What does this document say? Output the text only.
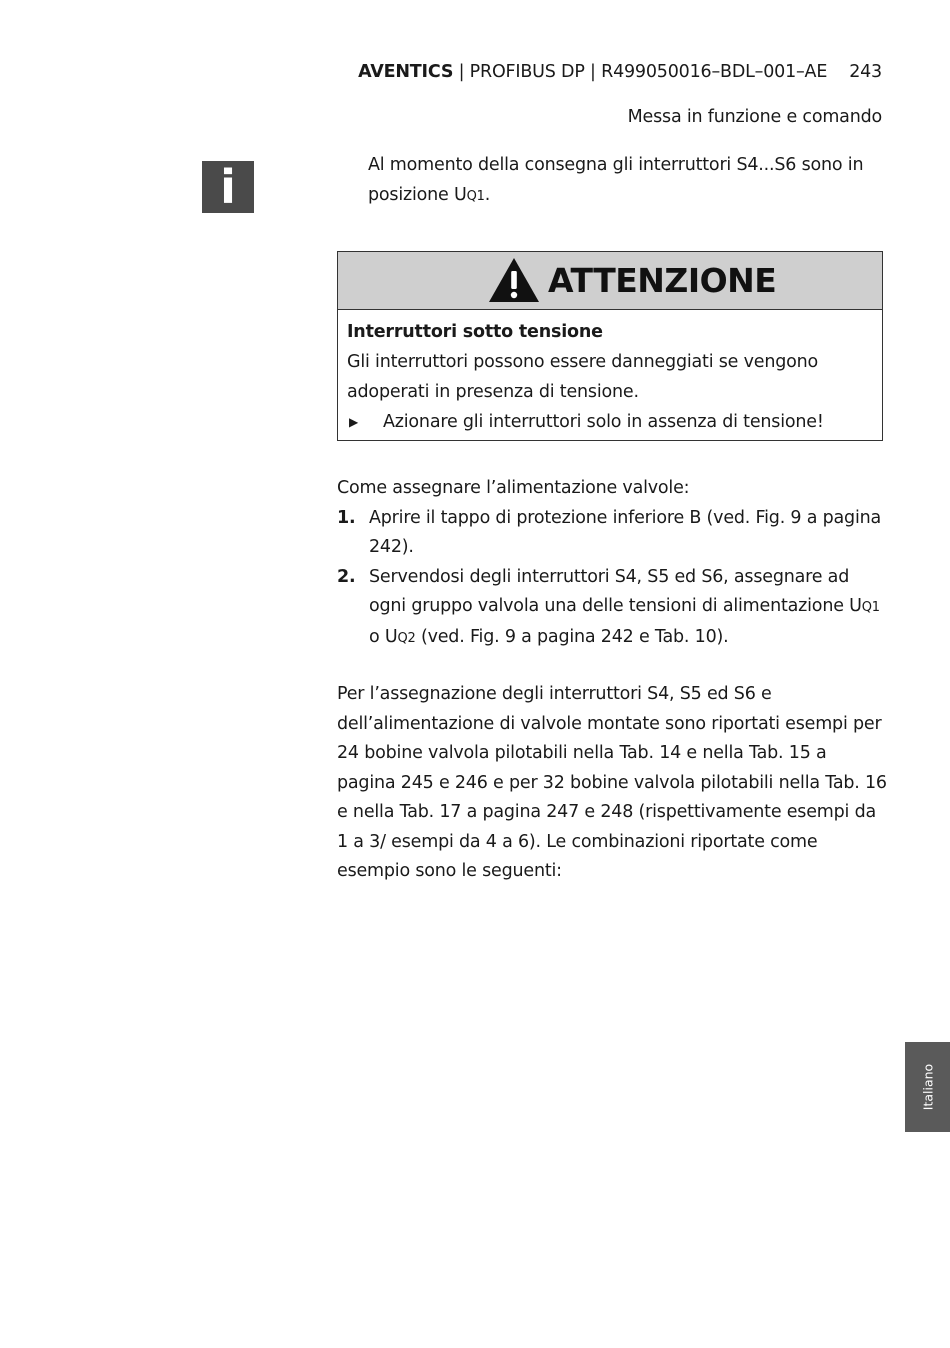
AVENTICS | PROFIBUS DP | R499050016–BDL–001–AE 243
Messa in funzione e comando
i	Al momento della consegna gli interruttori S4...S6 sono in posizione UQ1.
ATTENZIONE
Interruttori sotto tensione
Gli interruttori possono essere danneggiati se vengono adoperati in presenza di tensione.
▶ Azionare gli interruttori solo in assenza di tensione!
Come assegnare l’alimentazione valvole:
1. Aprire il tappo di protezione inferiore B (ved. Fig. 9 a pagina 242).
2. Servendosi degli interruttori S4, S5 ed S6, assegnare ad ogni gruppo valvola una delle tensioni di alimentazione UQ1 o UQ2 (ved. Fig. 9 a pagina 242 e Tab. 10).
Per l’assegnazione degli interruttori S4, S5 ed S6 e dell’alimentazione di valvole montate sono riportati esempi per 24 bobine valvola pilotabili nella Tab. 14 e nella Tab. 15 a pagina 245 e 246 e per 32 bobine valvola pilotabili nella Tab. 16 e nella Tab. 17 a pagina 247 e 248 (rispettivamente esempi da 1 a 3/ esempi da 4 a 6). Le combinazioni riportate come esempio sono le seguenti:
Italiano
